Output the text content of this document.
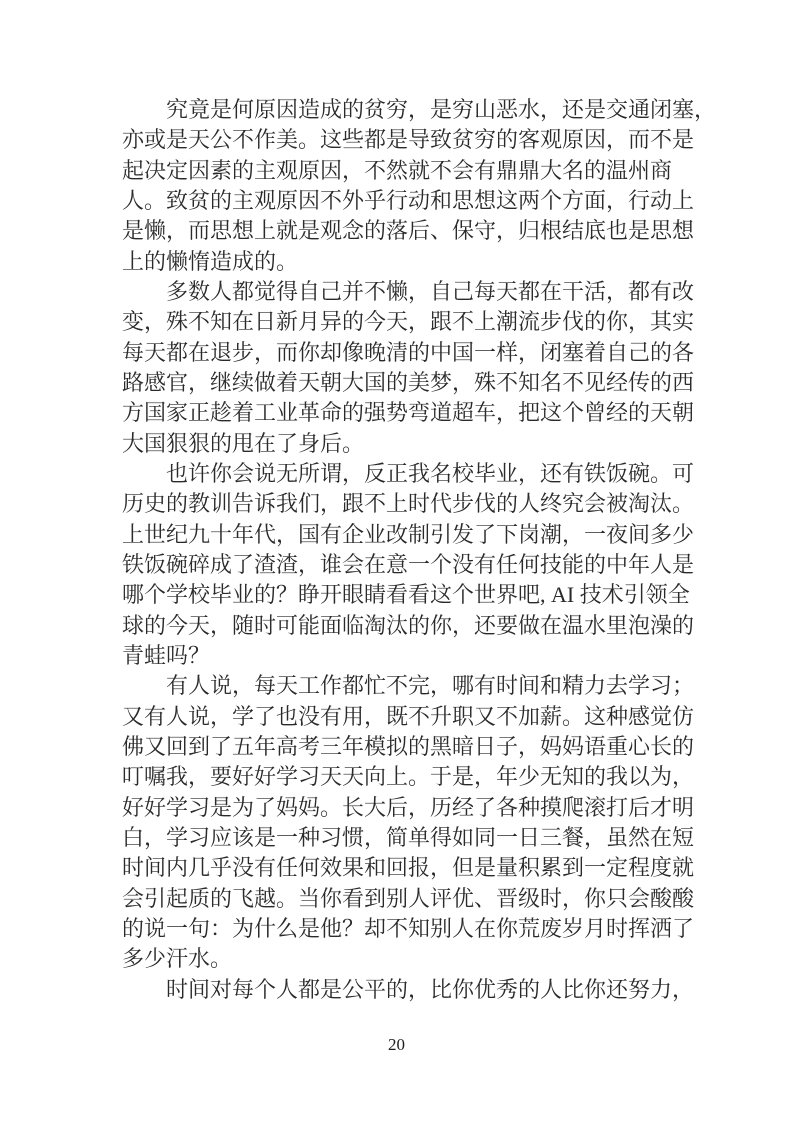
究竟是何原因造成的贫穷，是穷山恶水，还是交通闭塞，
亦或是天公不作美。这些都是导致贫穷的客观原因，而不是
起决定因素的主观原因，不然就不会有鼎鼎大名的温州商
人。致贫的主观原因不外乎行动和思想这两个方面，行动上
是懒，而思想上就是观念的落后、保守，归根结底也是思想
上的懒惰造成的。
多数人都觉得自己并不懒，自己每天都在干活，都有改
变，殊不知在日新月异的今天，跟不上潮流步伐的你，其实
每天都在退步，而你却像晚清的中国一样，闭塞着自己的各
路感官，继续做着天朝大国的美梦，殊不知名不见经传的西
方国家正趁着工业革命的强势弯道超车，把这个曾经的天朝
大国狠狠的甩在了身后。
也许你会说无所谓，反正我名校毕业，还有铁饭碗。可
历史的教训告诉我们，跟不上时代步伐的人终究会被淘汰。
上世纪九十年代，国有企业改制引发了下岗潮，一夜间多少
铁饭碗碎成了渣渣，谁会在意一个没有任何技能的中年人是
哪个学校毕业的？睁开眼睛看看这个世界吧, AI 技术引领全
球的今天，随时可能面临淘汰的你，还要做在温水里泡澡的
青蛙吗？
有人说，每天工作都忙不完，哪有时间和精力去学习；
又有人说，学了也没有用，既不升职又不加薪。这种感觉仿
佛又回到了五年高考三年模拟的黑暗日子，妈妈语重心长的
叮嘱我，要好好学习天天向上。于是，年少无知的我以为，
好好学习是为了妈妈。长大后，历经了各种摸爬滚打后才明
白，学习应该是一种习惯，简单得如同一日三餐，虽然在短
时间内几乎没有任何效果和回报，但是量积累到一定程度就
会引起质的飞越。当你看到别人评优、晋级时，你只会酸酸
的说一句：为什么是他？却不知别人在你荒废岁月时挥洒了
多少汗水。
时间对每个人都是公平的，比你优秀的人比你还努力，
20
